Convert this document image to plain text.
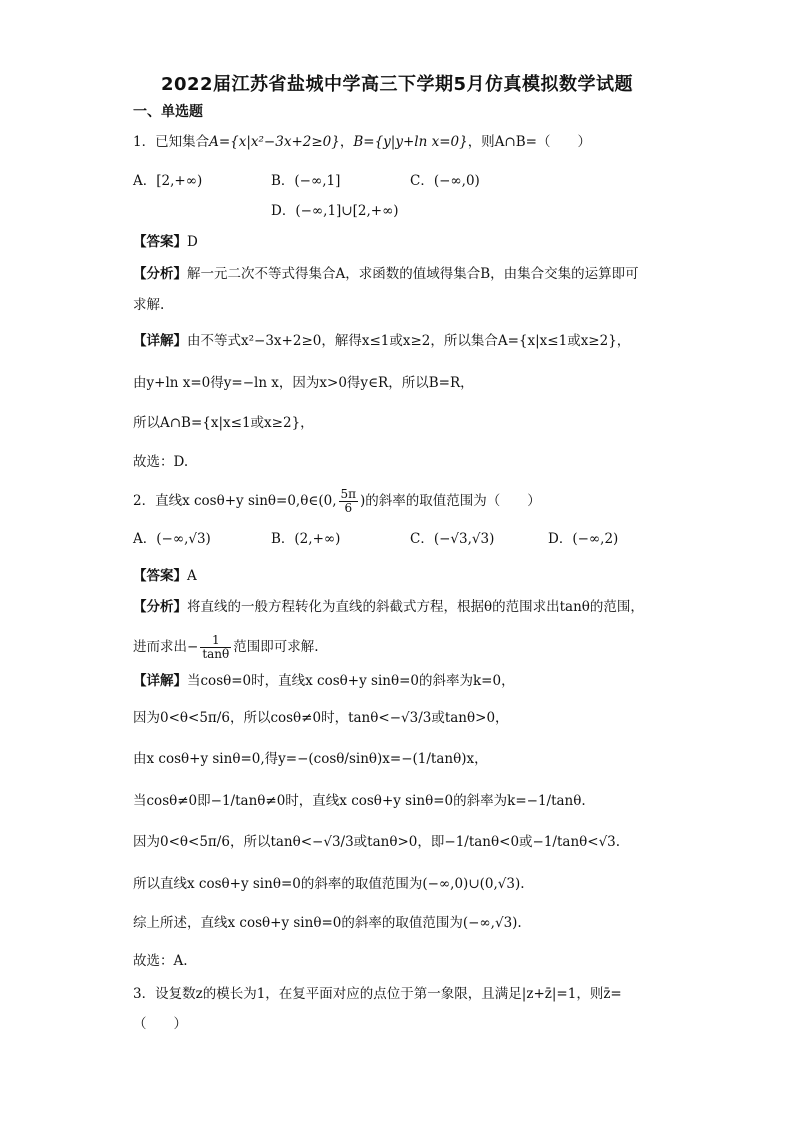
2022届江苏省盐城中学高三下学期5月仿真模拟数学试题
一、单选题
1．已知集合A={x|x²−3x+2≥0}，B={y|y+ln x=0}，则A∩B=（　　）
A．[2,+∞)	B．(−∞,1]	C．(−∞,0)
D．(−∞,1]∪[2,+∞)
【答案】D
【分析】解一元二次不等式得集合A，求函数的值域得集合B，由集合交集的运算即可
求解.
【详解】由不等式x²−3x+2≥0，解得x≤1或x≥2，所以集合A={x|x≤1或x≥2}，
由y+ln x=0得y=−ln x，因为x>0得y∈R，所以B=R，
所以A∩B={x|x≤1或x≥2}，
故选：D.
2．直线x cosθ+y sinθ=0,θ∈(0, $\frac{5\pi}{6}$ )的斜率的取值范围为（　　）
A．(−∞,√3)	B．(2,+∞)	C．(−√3,√3)	D．(−∞,2)
【答案】A
【分析】将直线的一般方程转化为直线的斜截式方程，根据θ的范围求出tanθ的范围，
进而求出− $\frac{1}{\tan\theta}$ 范围即可求解.
【详解】当cosθ=0时，直线x cosθ+y sinθ=0的斜率为k=0，
因为0<θ<5π/6，所以cosθ≠0时，tanθ<−√3/3或tanθ>0，
由x cosθ+y sinθ=0,得y=−(cosθ/sinθ)x=−(1/tanθ)x，
当cosθ≠0即−1/tanθ≠0时，直线x cosθ+y sinθ=0的斜率为k=−1/tanθ.
因为0<θ<5π/6，所以tanθ<−√3/3或tanθ>0，即−1/tanθ<0或−1/tanθ<√3.
所以直线x cosθ+y sinθ=0的斜率的取值范围为(−∞,0)∪(0,√3).
综上所述，直线x cosθ+y sinθ=0的斜率的取值范围为(−∞,√3).
故选：A.
3．设复数z的模长为1，在复平面对应的点位于第一象限，且满足|z+z̄|=1，则z̄=
（　　）
